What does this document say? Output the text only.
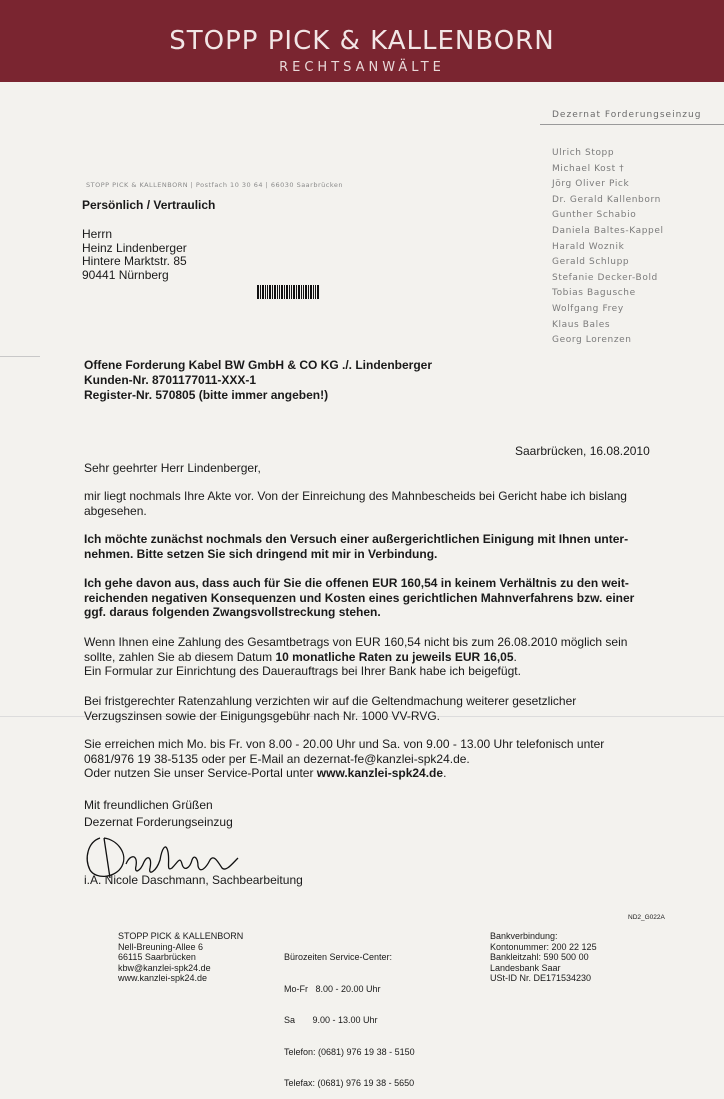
STOPP PICK & KALLENBORN
RECHTSANWÄLTE
Dezernat Forderungseinzug
Ulrich Stopp
Michael Kost †
Jörg Oliver Pick
Dr. Gerald Kallenborn
Gunther Schabio
Daniela Baltes-Kappel
Harald Woznik
Gerald Schlupp
Stefanie Decker-Bold
Tobias Bagusche
Wolfgang Frey
Klaus Bales
Georg Lorenzen
STOPP PICK & KALLENBORN | Postfach 10 30 64 | 66030 Saarbrücken
Persönlich / Vertraulich
Herrn
Heinz Lindenberger
Hintere Marktstr. 85
90441 Nürnberg
Offene Forderung Kabel BW GmbH & CO KG ./. Lindenberger
Kunden-Nr. 8701177011-XXX-1
Register-Nr. 570805 (bitte immer angeben!)
Saarbrücken, 16.08.2010
Sehr geehrter Herr Lindenberger,
mir liegt nochmals Ihre Akte vor. Von der Einreichung des Mahnbescheids bei Gericht habe ich bislang
abgesehen.
Ich möchte zunächst nochmals den Versuch einer außergerichtlichen Einigung mit Ihnen unter-
nehmen. Bitte setzen Sie sich dringend mit mir in Verbindung.
Ich gehe davon aus, dass auch für Sie die offenen EUR 160,54 in keinem Verhältnis zu den weit-
reichenden negativen Konsequenzen und Kosten eines gerichtlichen Mahnverfahrens bzw. einer
ggf. daraus folgenden Zwangsvollstreckung stehen.
Wenn Ihnen eine Zahlung des Gesamtbetrags von EUR 160,54 nicht bis zum 26.08.2010 möglich sein
sollte, zahlen Sie ab diesem Datum 10 monatliche Raten zu jeweils EUR 16,05.
Ein Formular zur Einrichtung des Dauerauftrags bei Ihrer Bank habe ich beigefügt.
Bei fristgerechter Ratenzahlung verzichten wir auf die Geltendmachung weiterer gesetzlicher
Verzugszinsen sowie der Einigungsgebühr nach Nr. 1000 VV-RVG.
Sie erreichen mich Mo. bis Fr. von 8.00 - 20.00 Uhr und Sa. von 9.00 - 13.00 Uhr telefonisch unter
0681/976 19 38-5135 oder per E-Mail an dezernat-fe@kanzlei-spk24.de.
Oder nutzen Sie unser Service-Portal unter www.kanzlei-spk24.de.
Mit freundlichen Grüßen
Dezernat Forderungseinzug
i.A. Nicole Daschmann, Sachbearbeitung
ND2_G022A
STOPP PICK & KALLENBORN
Nell-Breuning-Allee 6
66115 Saarbrücken
kbw@kanzlei-spk24.de
www.kanzlei-spk24.de

Bürozeiten Service-Center:

Mo-Fr   8.00 - 20.00 Uhr

Sa       9.00 - 13.00 Uhr

Telefon: (0681) 976 19 38 - 5150

Telefax: (0681) 976 19 38 - 5650

Bankverbindung:
Kontonummer: 200 22 125
Bankleitzahl: 590 500 00
Landesbank Saar
USt-ID Nr. DE171534230
